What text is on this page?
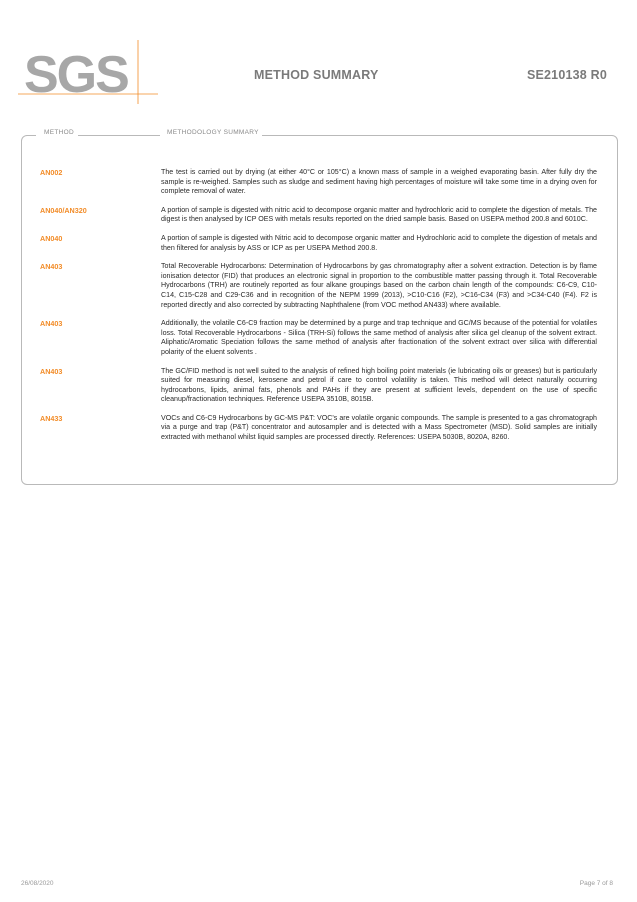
SGS	METHOD SUMMARY	SE210138 R0
METHOD	METHODOLOGY SUMMARY
AN002	The test is carried out by drying (at either 40°C or 105°C) a known mass of sample in a weighed evaporating basin. After fully dry the sample is re-weighed. Samples such as sludge and sediment having high percentages of moisture will take some time in a drying oven for complete removal of water.
AN040/AN320	A portion of sample is digested with nitric acid to decompose organic matter and hydrochloric acid to complete the digestion of metals. The digest is then analysed by ICP OES with metals results reported on the dried sample basis. Based on USEPA method 200.8 and 6010C.
AN040	A portion of sample is digested with Nitric acid to decompose organic matter and Hydrochloric acid to complete the digestion of metals and then filtered for analysis by ASS or ICP as per USEPA Method 200.8.
AN403	Total Recoverable Hydrocarbons: Determination of Hydrocarbons by gas chromatography after a solvent extraction. Detection is by flame ionisation detector (FID) that produces an electronic signal in proportion to the combustible matter passing through it. Total Recoverable Hydrocarbons (TRH) are routinely reported as four alkane groupings based on the carbon chain length of the compounds: C6-C9, C10-C14, C15-C28 and C29-C36 and in recognition of the NEPM 1999 (2013), >C10-C16 (F2), >C16-C34 (F3) and >C34-C40 (F4). F2 is reported directly and also corrected by subtracting Naphthalene (from VOC method AN433) where available.
AN403	Additionally, the volatile C6-C9 fraction may be determined by a purge and trap technique and GC/MS because of the potential for volatiles loss. Total Recoverable Hydrocarbons - Silica (TRH-Si) follows the same method of analysis after silica gel cleanup of the solvent extract. Aliphatic/Aromatic Speciation follows the same method of analysis after fractionation of the solvent extract over silica with differential polarity of the eluent solvents .
AN403	The GC/FID method is not well suited to the analysis of refined high boiling point materials (ie lubricating oils or greases) but is particularly suited for measuring diesel, kerosene and petrol if care to control volatility is taken. This method will detect naturally occurring hydrocarbons, lipids, animal fats, phenols and PAHs if they are present at sufficient levels, dependent on the use of specific cleanup/fractionation techniques. Reference USEPA 3510B, 8015B.
AN433	VOCs and C6-C9 Hydrocarbons by GC-MS P&T: VOC's are volatile organic compounds. The sample is presented to a gas chromatograph via a purge and trap (P&T) concentrator and autosampler and is detected with a Mass Spectrometer (MSD). Solid samples are initially extracted with methanol whilst liquid samples are processed directly. References: USEPA 5030B, 8020A, 8260.
26/08/2020	Page 7 of 8
